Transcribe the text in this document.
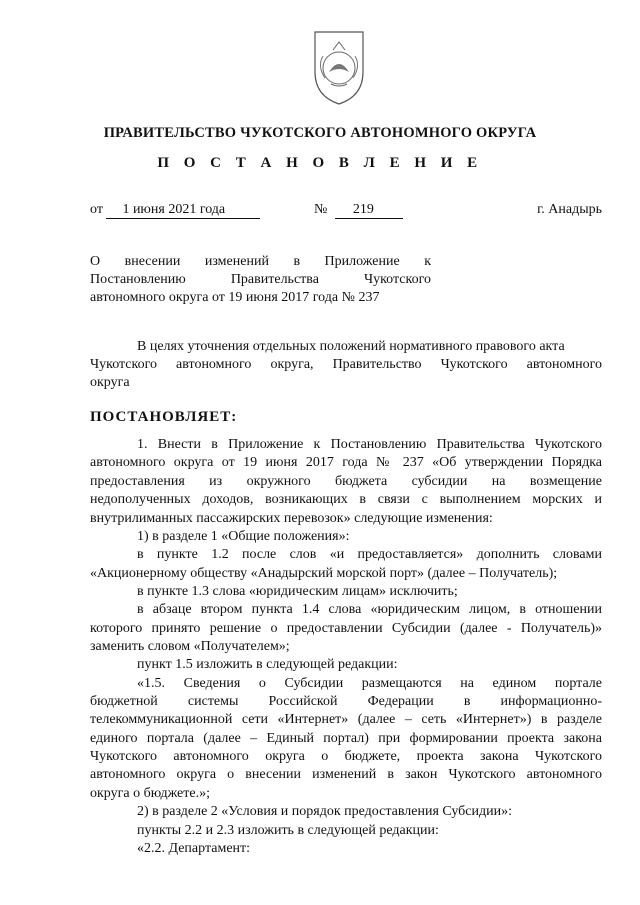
ПРАВИТЕЛЬСТВО ЧУКОТСКОГО АВТОНОМНОГО ОКРУГА
П О С Т А Н О В Л Е Н И Е
от 1 июня 2021 года	№ 219	г. Анадырь
О внесении изменений в Приложение к
Постановлению Правительства Чукотского
автономного округа от 19 июня 2017 года № 237
В целях уточнения отдельных положений нормативного правового акта
Чукотского автономного округа, Правительство Чукотского автономного
округа
ПОСТАНОВЛЯЕТ:
1. Внести в Приложение к Постановлению Правительства Чукотского
автономного округа от 19 июня 2017 года № 237 «Об утверждении Порядка
предоставления из окружного бюджета субсидии на возмещение
недополученных доходов, возникающих в связи с выполнением морских и
внутрилиманных пассажирских перевозок» следующие изменения:
1) в разделе 1 «Общие положения»:
в пункте 1.2 после слов «и предоставляется» дополнить словами
«Акционерному обществу «Анадырский морской порт» (далее – Получатель);
в пункте 1.3 слова «юридическим лицам» исключить;
в абзаце втором пункта 1.4 слова «юридическим лицом, в отношении
которого принято решение о предоставлении Субсидии (далее - Получатель)»
заменить словом «Получателем»;
пункт 1.5 изложить в следующей редакции:
«1.5. Сведения о Субсидии размещаются на едином портале
бюджетной системы Российской Федерации в информационно-
телекоммуникационной сети «Интернет» (далее – сеть «Интернет») в разделе
единого портала (далее – Единый портал) при формировании проекта закона
Чукотского автономного округа о бюджете, проекта закона Чукотского
автономного округа о внесении изменений в закон Чукотского автономного
округа о бюджете.»;
2) в разделе 2 «Условия и порядок предоставления Субсидии»:
пункты 2.2 и 2.3 изложить в следующей редакции:
«2.2. Департамент:
